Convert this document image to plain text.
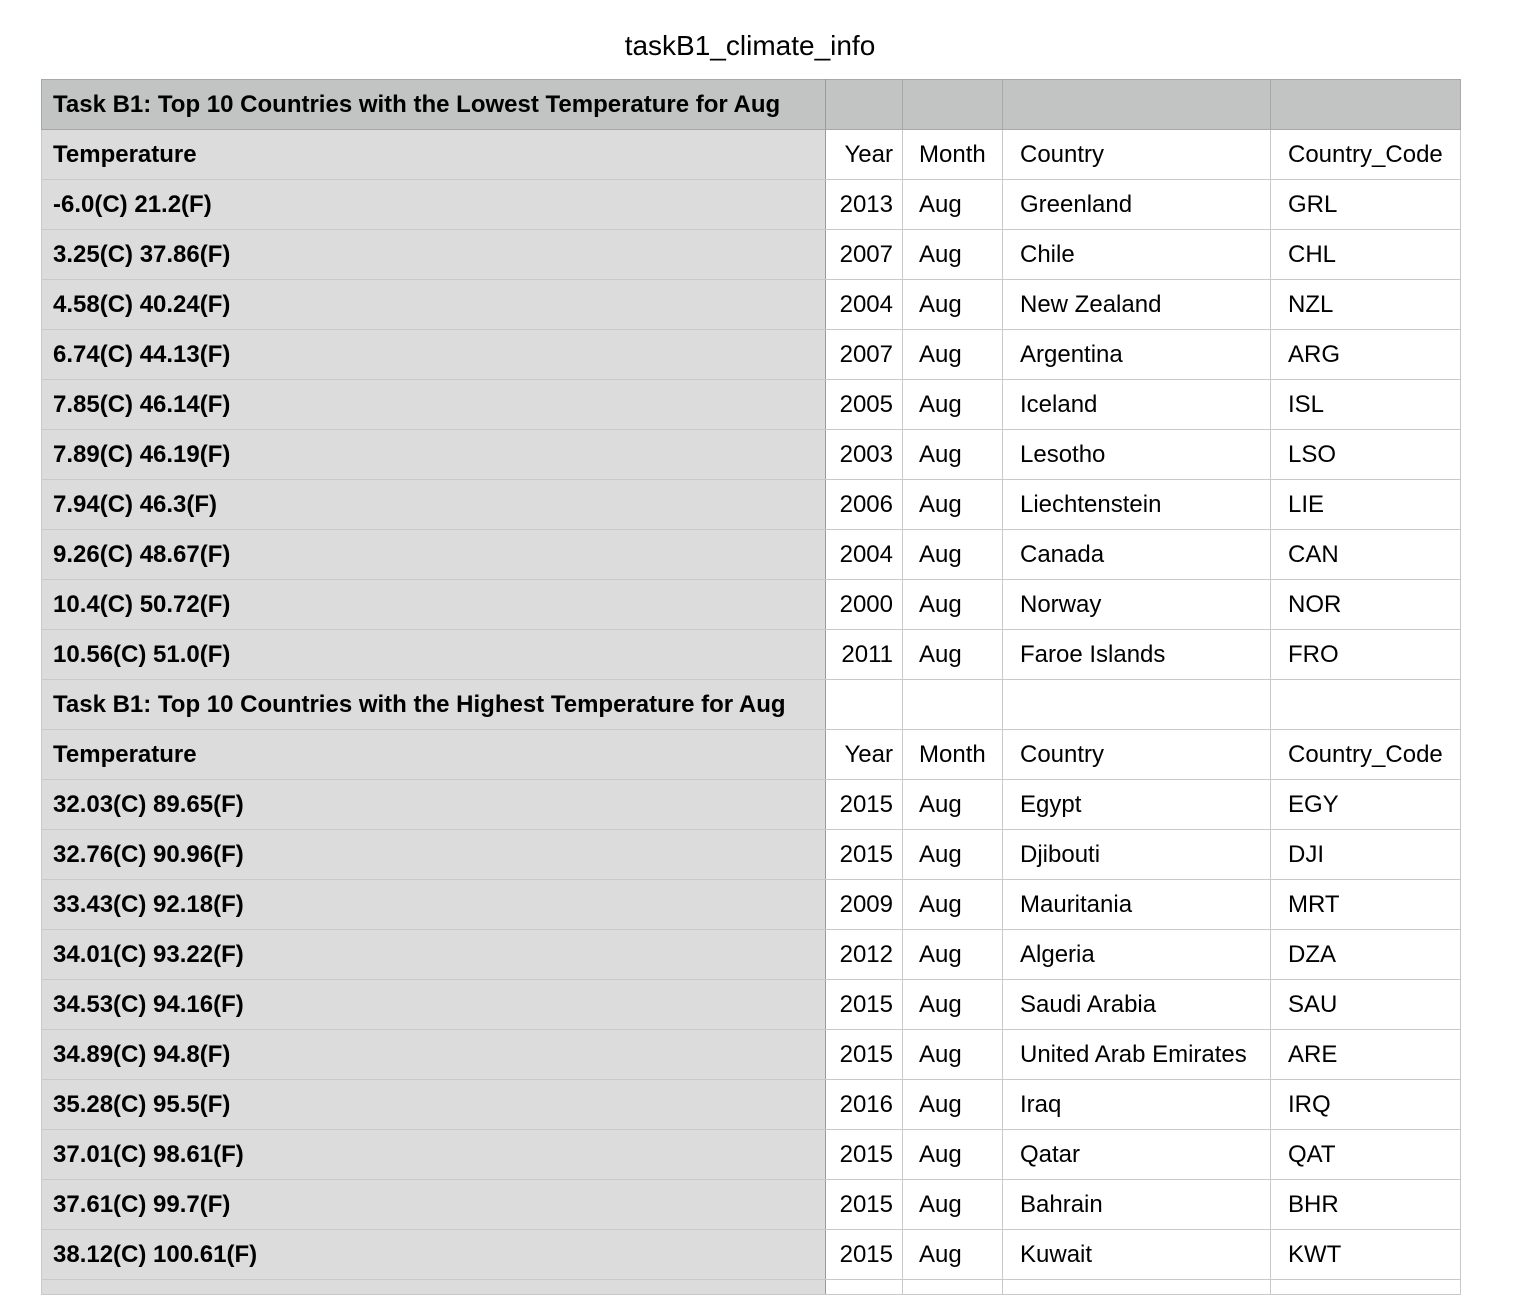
taskB1_climate_info
Task B1: Top 10 Countries with the Lowest Temperature for Aug				
Temperature	Year	Month	Country	Country_Code
-6.0(C) 21.2(F)	2013	Aug	Greenland	GRL
3.25(C) 37.86(F)	2007	Aug	Chile	CHL
4.58(C) 40.24(F)	2004	Aug	New Zealand	NZL
6.74(C) 44.13(F)	2007	Aug	Argentina	ARG
7.85(C) 46.14(F)	2005	Aug	Iceland	ISL
7.89(C) 46.19(F)	2003	Aug	Lesotho	LSO
7.94(C) 46.3(F)	2006	Aug	Liechtenstein	LIE
9.26(C) 48.67(F)	2004	Aug	Canada	CAN
10.4(C) 50.72(F)	2000	Aug	Norway	NOR
10.56(C) 51.0(F)	2011	Aug	Faroe Islands	FRO
Task B1: Top 10 Countries with the Highest Temperature for Aug				
Temperature	Year	Month	Country	Country_Code
32.03(C) 89.65(F)	2015	Aug	Egypt	EGY
32.76(C) 90.96(F)	2015	Aug	Djibouti	DJI
33.43(C) 92.18(F)	2009	Aug	Mauritania	MRT
34.01(C) 93.22(F)	2012	Aug	Algeria	DZA
34.53(C) 94.16(F)	2015	Aug	Saudi Arabia	SAU
34.89(C) 94.8(F)	2015	Aug	United Arab Emirates	ARE
35.28(C) 95.5(F)	2016	Aug	Iraq	IRQ
37.01(C) 98.61(F)	2015	Aug	Qatar	QAT
37.61(C) 99.7(F)	2015	Aug	Bahrain	BHR
38.12(C) 100.61(F)	2015	Aug	Kuwait	KWT
